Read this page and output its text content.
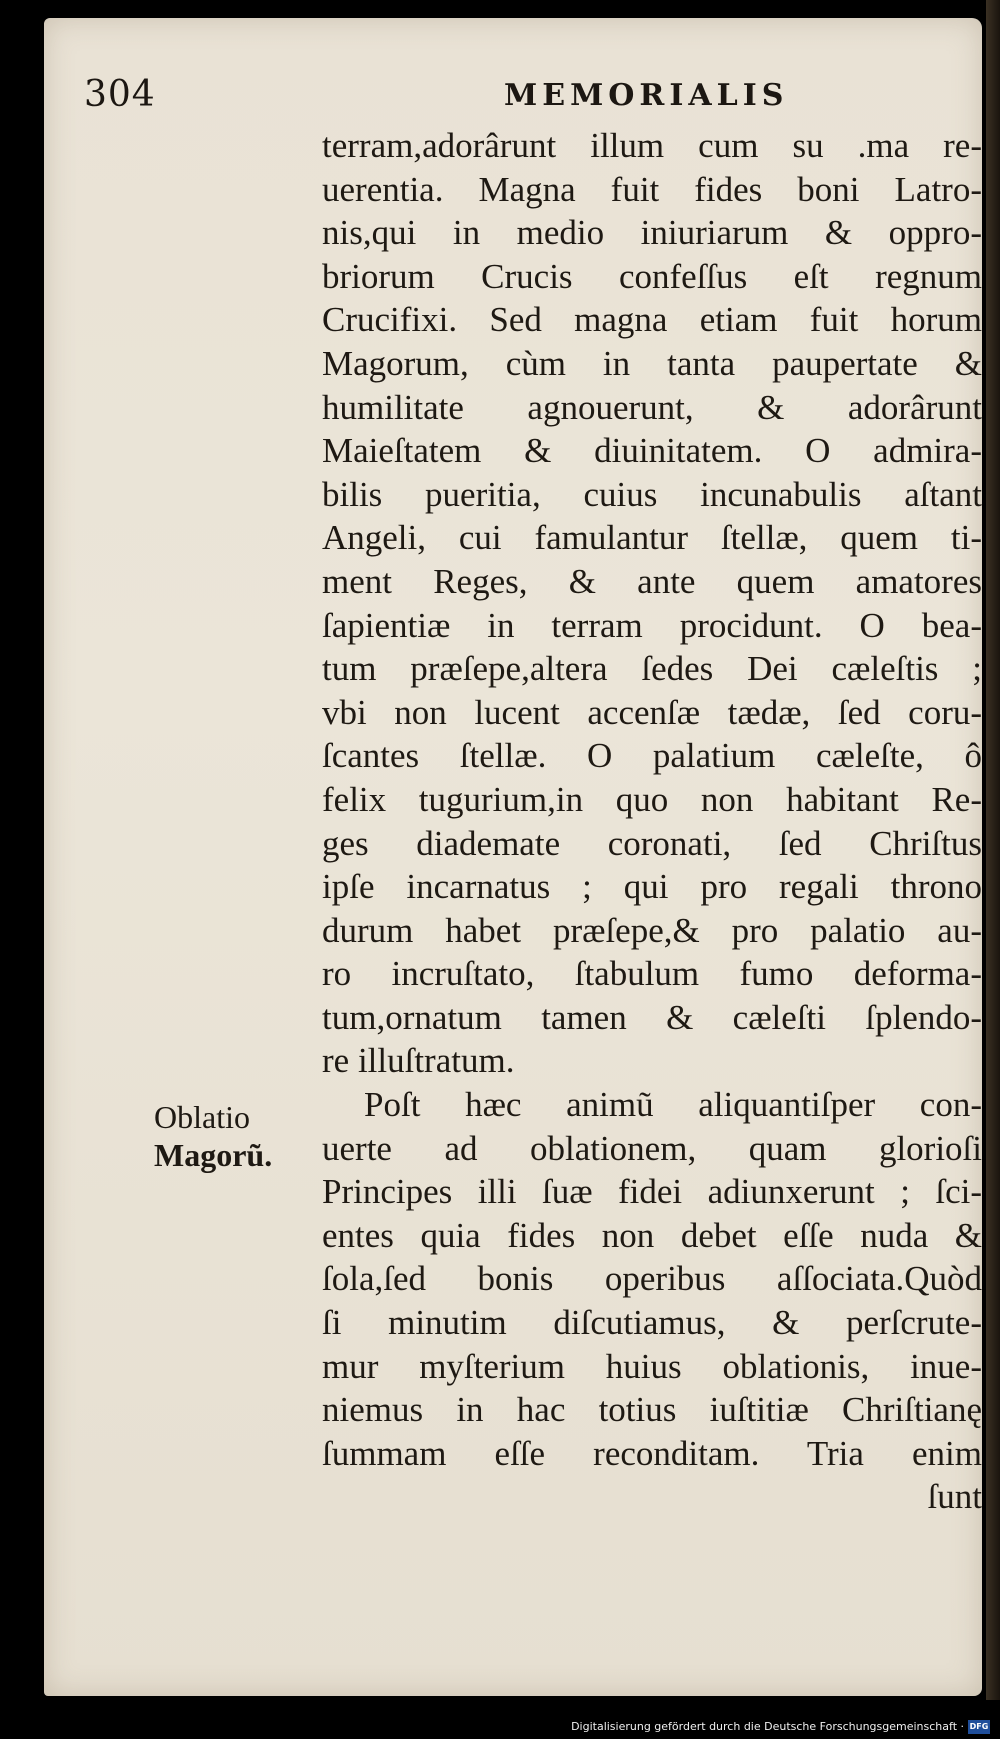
304	MEMORIALIS
terram,adorârunt illum cum su .ma re-
uerentia. Magna fuit fides boni Latro-
nis,qui in medio iniuriarum & oppro-
briorum Crucis confeſſus eſt regnum
Crucifixi. Sed magna etiam fuit horum
Magorum, cùm in tanta paupertate &
humilitate agnouerunt, & adorârunt
Maieſtatem & diuinitatem. O admira-
bilis pueritia, cuius incunabulis aſtant
Angeli, cui famulantur ſtellæ, quem ti-
ment Reges, & ante quem amatores
ſapientiæ in terram procidunt. O bea-
tum præſepe,altera ſedes Dei cæleſtis ;
vbi non lucent accenſæ tædæ, ſed coru-
ſcantes ſtellæ. O palatium cæleſte, ô
felix tugurium,in quo non habitant Re-
ges diademate coronati, ſed Chriſtus
ipſe incarnatus ; qui pro regali throno
durum habet præſepe,& pro palatio au-
ro incruſtato, ſtabulum fumo deforma-
tum,ornatum tamen & cæleſti ſplendo-
re illuſtratum.
Poſt hæc animũ aliquantiſper con-
uerte ad oblationem, quam glorioſi
Principes illi ſuæ fidei adiunxerunt ; ſci-
entes quia fides non debet eſſe nuda &
ſola,ſed bonis operibus aſſociata.Quòd
ſi minutim diſcutiamus, & perſcrute-
mur myſterium huius oblationis, inue-
niemus in hac totius iuſtitiæ Chriſtianę
ſummam eſſe reconditam. Tria enim
ſunt
Oblatio
Magorũ.
Digitalisierung gefördert durch die Deutsche Forschungsgemeinschaft · DFG
